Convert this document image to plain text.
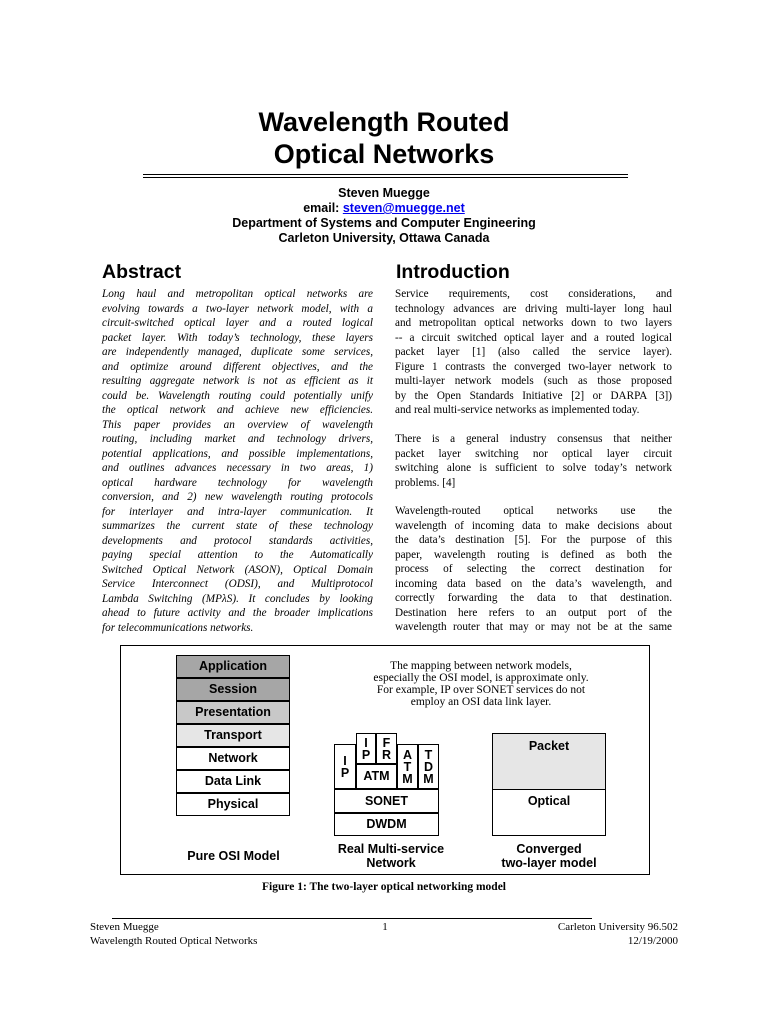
Wavelength Routed
Optical Networks
Steven Muegge
email: steven@muegge.net
Department of Systems and Computer Engineering
Carleton University, Ottawa Canada
Abstract
Long haul and metropolitan optical networks are
evolving towards a two-layer network model, with a
circuit-switched optical layer and a routed logical
packet layer. With today’s technology, these layers
are independently managed, duplicate some services,
and optimize around different objectives, and the
resulting aggregate network is not as efficient as it
could be. Wavelength routing could potentially unify
the optical network and achieve new efficiencies.
This paper provides an overview of wavelength
routing, including market and technology drivers,
potential applications, and possible implementations,
and outlines advances necessary in two areas, 1)
optical hardware technology for wavelength
conversion, and 2) new wavelength routing protocols
for interlayer and intra-layer communication. It
summarizes the current state of these technology
developments and protocol standards activities,
paying special attention to the Automatically
Switched Optical Network (ASON), Optical Domain
Service Interconnect (ODSI), and Multiprotocol
Lambda Switching (MPλS). It concludes by looking
ahead to future activity and the broader implications
for telecommunications networks.
Introduction
Service requirements, cost considerations, and
technology advances are driving multi-layer long haul
and metropolitan optical networks down to two layers
-- a circuit switched optical layer and a routed logical
packet layer [1] (also called the service layer).
Figure 1 contrasts the converged two-layer network to
multi-layer network models (such as those proposed
by the Open Standards Initiative [2] or DARPA [3])
and real multi-service networks as implemented today.
There is a general industry consensus that neither
packet layer switching nor optical layer circuit
switching alone is sufficient to solve today’s network
problems. [4]
Wavelength-routed optical networks use the
wavelength of incoming data to make decisions about
the data’s destination [5]. For the purpose of this
paper, wavelength routing is defined as both the
process of selecting the correct destination for
incoming data based on the data’s wavelength, and
correctly forwarding the data to that destination.
Destination here refers to an output port of the
wavelength router that may or may not be at the same
Application
Session
Presentation
Transport
Network
Data Link
Physical
Pure OSI Model
The mapping between network models,
especially the OSI model, is approximate only.
For example, IP over SONET services do not
employ an OSI data link layer.
I
P
I
P
F
R
ATM
A
T
M
T
D
M
SONET
DWDM
Real Multi-service
Network
Packet
Optical
Converged
two-layer model
Figure 1: The two-layer optical networking model
Steven Muegge
Wavelength Routed Optical Networks
1	Carleton University 96.502
12/19/2000
